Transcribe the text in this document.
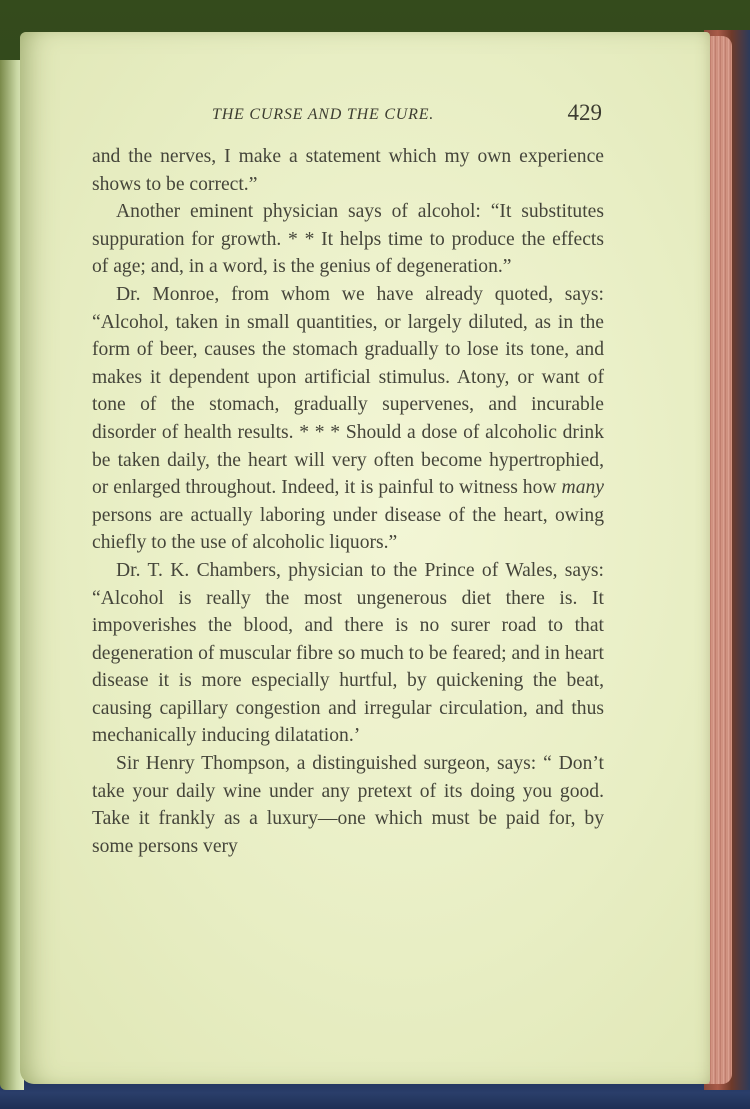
THE CURSE AND THE CURE.	429

and the nerves, I make a statement which my own experience shows to be correct.”

Another eminent physician says of alcohol: “It substitutes suppuration for growth. * * It helps time to produce the effects of age; and, in a word, is the genius of degeneration.”

Dr. Monroe, from whom we have already quoted, says: “Alcohol, taken in small quantities, or largely diluted, as in the form of beer, causes the stomach gradually to lose its tone, and makes it dependent upon artificial stimulus. Atony, or want of tone of the stomach, gradually supervenes, and incurable disorder of health results. * * * Should a dose of alcoholic drink be taken daily, the heart will very often become hypertrophied, or enlarged throughout. Indeed, it is painful to witness how many persons are actually laboring under disease of the heart, owing chiefly to the use of alcoholic liquors.”

Dr. T. K. Chambers, physician to the Prince of Wales, says: “Alcohol is really the most ungenerous diet there is. It impoverishes the blood, and there is no surer road to that degeneration of muscular fibre so much to be feared; and in heart disease it is more especially hurtful, by quickening the beat, causing capillary congestion and irregular circulation, and thus mechanically inducing dilatation.’

Sir Henry Thompson, a distinguished surgeon, says: “ Don’t take your daily wine under any pretext of its doing you good. Take it frankly as a luxury—one which must be paid for, by some persons very
